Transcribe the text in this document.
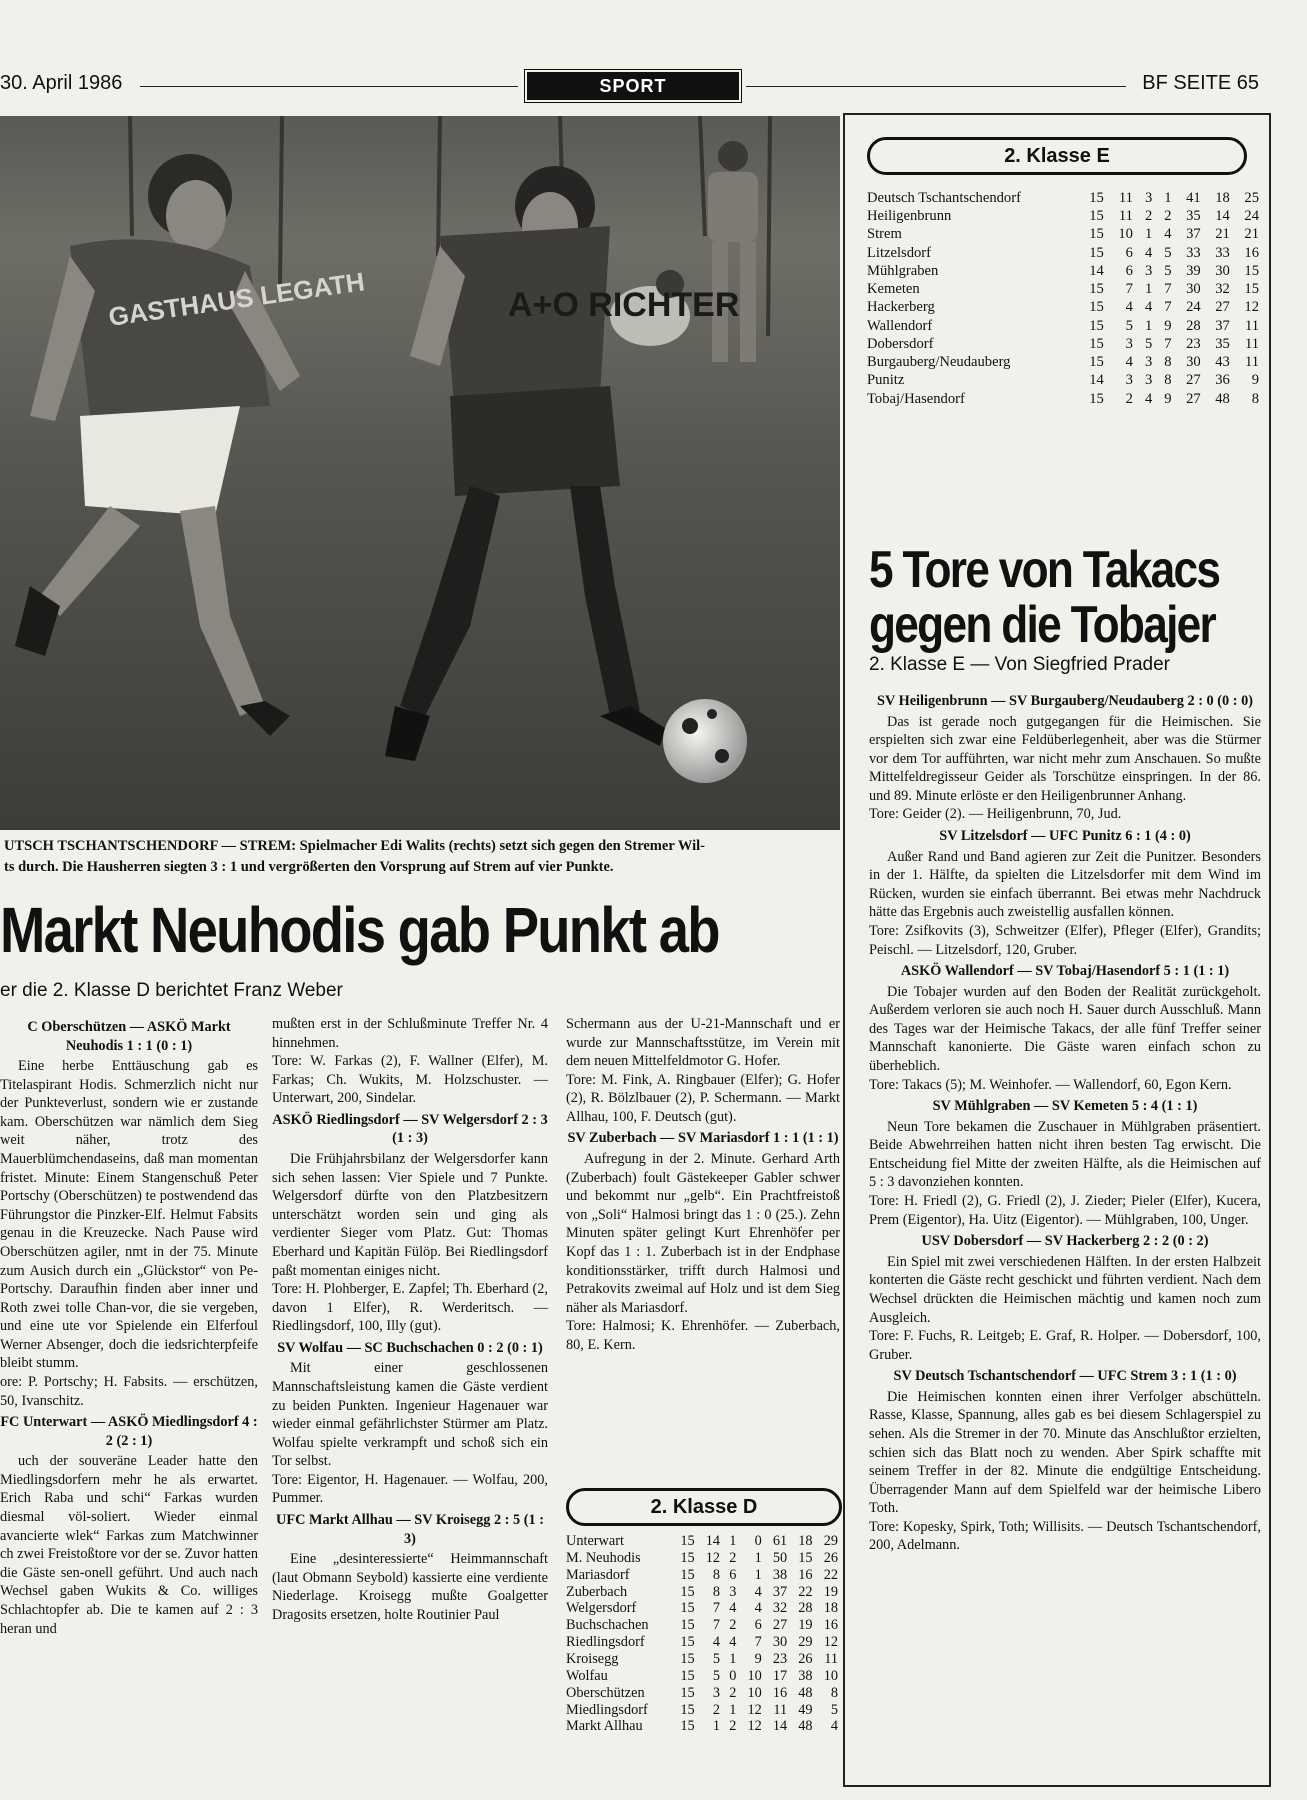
30. April 1986	SPORT	BF SEITE 65
GASTHAUS LEGATH	A+O RICHTER
UTSCH TSCHANTSCHENDORF — STREM: Spielmacher Edi Walits (rechts) setzt sich gegen den Stremer Wil-
ts durch. Die Hausherren siegten 3 : 1 und vergrößerten den Vorsprung auf Strem auf vier Punkte.
Markt Neuhodis gab Punkt ab
er die 2. Klasse D berichtet Franz Weber
C Oberschützen — ASKÖ Markt Neuhodis 1 : 1 (0 : 1)

Eine herbe Enttäuschung gab es Titelaspirant Hodis. Schmerzlich nicht nur der Punkteverlust, sondern wie er zustande kam. Oberschützen war nämlich dem Sieg weit näher, trotz des Mauerblümchendaseins, daß man momentan fristet. Minute: Einem Stangenschuß Peter Portschy (Oberschützen) te postwendend das Führungstor die Pinzker-Elf. Helmut Fabsits genau in die Kreuzecke. Nach Pause wird Oberschützen agiler, nmt in der 75. Minute zum Ausich durch ein „Glückstor“ von Pe-Portschy. Daraufhin finden aber inner und Roth zwei tolle Chan-vor, die sie vergeben, und eine ute vor Spielende ein Elferfoul Werner Absenger, doch die iedsrichterpfeife bleibt stumm.

ore: P. Portschy; H. Fabsits. — erschützen, 50, Ivanschitz.

FC Unterwart — ASKÖ Miedlingsdorf 4 : 2 (2 : 1)

uch der souveräne Leader hatte den Miedlingsdorfern mehr he als erwartet. Erich Raba und schi“ Farkas wurden diesmal völ-soliert. Wieder einmal avancierte wlek“ Farkas zum Matchwinner ch zwei Freistoßtore vor der se. Zuvor hatten die Gäste sen-onell geführt. Und auch nach Wechsel gaben Wukits & Co. williges Schlachtopfer ab. Die te kamen auf 2 : 3 heran und

mußten erst in der Schlußminute Treffer Nr. 4 hinnehmen.

Tore: W. Farkas (2), F. Wallner (Elfer), M. Farkas; Ch. Wukits, M. Holzschuster. — Unterwart, 200, Sindelar.

ASKÖ Riedlingsdorf — SV Welgersdorf 2 : 3 (1 : 3)

Die Frühjahrsbilanz der Welgersdorfer kann sich sehen lassen: Vier Spiele und 7 Punkte. Welgersdorf dürfte von den Platzbesitzern unterschätzt worden sein und ging als verdienter Sieger vom Platz. Gut: Thomas Eberhard und Kapitän Fülöp. Bei Riedlingsdorf paßt momentan einiges nicht.

Tore: H. Plohberger, E. Zapfel; Th. Eberhard (2, davon 1 Elfer), R. Werderitsch. — Riedlingsdorf, 100, Illy (gut).

SV Wolfau — SC Buchschachen 0 : 2 (0 : 1)

Mit einer geschlossenen Mannschaftsleistung kamen die Gäste verdient zu beiden Punkten. Ingenieur Hagenauer war wieder einmal gefährlichster Stürmer am Platz. Wolfau spielte verkrampft und schoß sich ein Tor selbst.

Tore: Eigentor, H. Hagenauer. — Wolfau, 200, Pummer.

UFC Markt Allhau — SV Kroisegg 2 : 5 (1 : 3)

Eine „desinteressierte“ Heimmannschaft (laut Obmann Seybold) kassierte eine verdiente Niederlage. Kroisegg mußte Goalgetter Dragosits ersetzen, holte Routinier Paul

Schermann aus der U-21-Mannschaft und er wurde zur Mannschaftsstütze, im Verein mit dem neuen Mittelfeldmotor G. Hofer.

Tore: M. Fink, A. Ringbauer (Elfer); G. Hofer (2), R. Bölzlbauer (2), P. Schermann. — Markt Allhau, 100, F. Deutsch (gut).

SV Zuberbach — SV Mariasdorf 1 : 1 (1 : 1)

Aufregung in der 2. Minute. Gerhard Arth (Zuberbach) foult Gästekeeper Gabler schwer und bekommt nur „gelb“. Ein Prachtfreistoß von „Soli“ Halmosi bringt das 1 : 0 (25.). Zehn Minuten später gelingt Kurt Ehrenhöfer per Kopf das 1 : 1. Zuberbach ist in der Endphase konditionsstärker, trifft durch Halmosi und Petrakovits zweimal auf Holz und ist dem Sieg näher als Mariasdorf.

Tore: Halmosi; K. Ehrenhöfer. — Zuberbach, 80, E. Kern.

2. Klasse D
Unterwart	15	14	1	0	61	18	29
M. Neuhodis	15	12	2	1	50	15	26
Mariasdorf	15	8	6	1	38	16	22
Zuberbach	15	8	3	4	37	22	19
Welgersdorf	15	7	4	4	32	28	18
Buchschachen	15	7	2	6	27	19	16
Riedlingsdorf	15	4	4	7	30	29	12
Kroisegg	15	5	1	9	23	26	11
Wolfau	15	5	0	10	17	38	10
Oberschützen	15	3	2	10	16	48	8
Miedlingsdorf	15	2	1	12	11	49	5
Markt Allhau	15	1	2	12	14	48	4
2. Klasse E
Deutsch Tschantschendorf	15	11	3	1	41	18	25
Heiligenbrunn	15	11	2	2	35	14	24
Strem	15	10	1	4	37	21	21
Litzelsdorf	15	6	4	5	33	33	16
Mühlgraben	14	6	3	5	39	30	15
Kemeten	15	7	1	7	30	32	15
Hackerberg	15	4	4	7	24	27	12
Wallendorf	15	5	1	9	28	37	11
Dobersdorf	15	3	5	7	23	35	11
Burgauberg/Neudauberg	15	4	3	8	30	43	11
Punitz	14	3	3	8	27	36	9
Tobaj/Hasendorf	15	2	4	9	27	48	8
5 Tore von Takacs
gegen die Tobajer
2. Klasse E — Von Siegfried Prader
SV Heiligenbrunn — SV Burgauberg/Neudauberg 2 : 0 (0 : 0)

Das ist gerade noch gutgegangen für die Heimischen. Sie erspielten sich zwar eine Feldüberlegenheit, aber was die Stürmer vor dem Tor aufführten, war nicht mehr zum Anschauen. So mußte Mittelfeldregisseur Geider als Torschütze einspringen. In der 86. und 89. Minute erlöste er den Heiligenbrunner Anhang.

Tore: Geider (2). — Heiligenbrunn, 70, Jud.

SV Litzelsdorf — UFC Punitz 6 : 1 (4 : 0)

Außer Rand und Band agieren zur Zeit die Punitzer. Besonders in der 1. Hälfte, da spielten die Litzelsdorfer mit dem Wind im Rücken, wurden sie einfach überrannt. Bei etwas mehr Nachdruck hätte das Ergebnis auch zweistellig ausfallen können.

Tore: Zsifkovits (3), Schweitzer (Elfer), Pfleger (Elfer), Grandits; Peischl. — Litzelsdorf, 120, Gruber.

ASKÖ Wallendorf — SV Tobaj/Hasendorf 5 : 1 (1 : 1)

Die Tobajer wurden auf den Boden der Realität zurückgeholt. Außerdem verloren sie auch noch H. Sauer durch Ausschluß. Mann des Tages war der Heimische Takacs, der alle fünf Treffer seiner Mannschaft kanonierte. Die Gäste waren einfach schon zu überheblich.

Tore: Takacs (5); M. Weinhofer. — Wallendorf, 60, Egon Kern.

SV Mühlgraben — SV Kemeten 5 : 4 (1 : 1)

Neun Tore bekamen die Zuschauer in Mühlgraben präsentiert. Beide Abwehrreihen hatten nicht ihren besten Tag erwischt. Die Entscheidung fiel Mitte der zweiten Hälfte, als die Heimischen auf 5 : 3 davonziehen konnten.

Tore: H. Friedl (2), G. Friedl (2), J. Zieder; Pieler (Elfer), Kucera, Prem (Eigentor), Ha. Uitz (Eigentor). — Mühlgraben, 100, Unger.

USV Dobersdorf — SV Hackerberg 2 : 2 (0 : 2)

Ein Spiel mit zwei verschiedenen Hälften. In der ersten Halbzeit konterten die Gäste recht geschickt und führten verdient. Nach dem Wechsel drückten die Heimischen mächtig und kamen noch zum Ausgleich.

Tore: F. Fuchs, R. Leitgeb; E. Graf, R. Holper. — Dobersdorf, 100, Gruber.

SV Deutsch Tschantschendorf — UFC Strem 3 : 1 (1 : 0)

Die Heimischen konnten einen ihrer Verfolger abschütteln. Rasse, Klasse, Spannung, alles gab es bei diesem Schlagerspiel zu sehen. Als die Stremer in der 70. Minute das Anschlußtor erzielten, schien sich das Blatt noch zu wenden. Aber Spirk schaffte mit seinem Treffer in der 82. Minute die endgültige Entscheidung. Überragender Mann auf dem Spielfeld war der heimische Libero Toth.

Tore: Kopesky, Spirk, Toth; Willisits. — Deutsch Tschantschendorf, 200, Adelmann.
